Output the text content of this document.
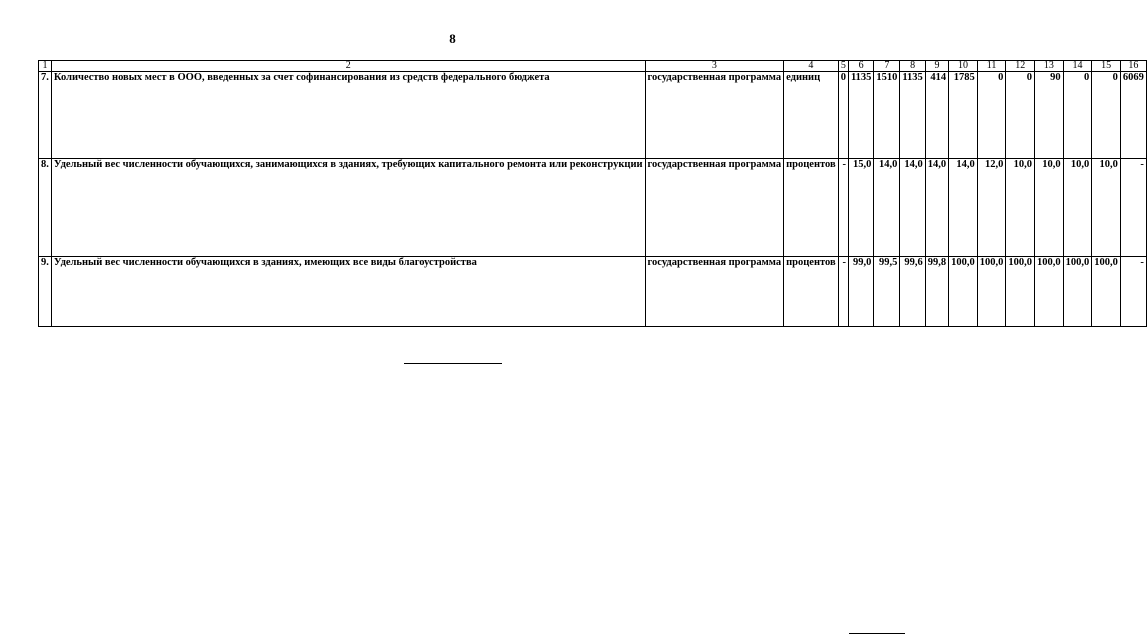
8
1	2	3	4	5	6	7	8	9	10	11	12	13	14	15	16
7.	Количество новых мест в ООО, введенных за счет софинансирования из средств федерального бюджета	государственная программа	единиц	0	1135	1510	1135	414	1785	0	0	90	0	0	6069
8.	Удельный вес численности обучающихся, занимающихся в зданиях, требующих капитального ремонта или реконструкции	государственная программа	процентов	-	15,0	14,0	14,0	14,0	14,0	12,0	10,0	10,0	10,0	10,0	-
9.	Удельный вес численности обучающихся в зданиях, имеющих все виды благоустройства	государственная программа	процентов	-	99,0	99,5	99,6	99,8	100,0	100,0	100,0	100,0	100,0	100,0	-
